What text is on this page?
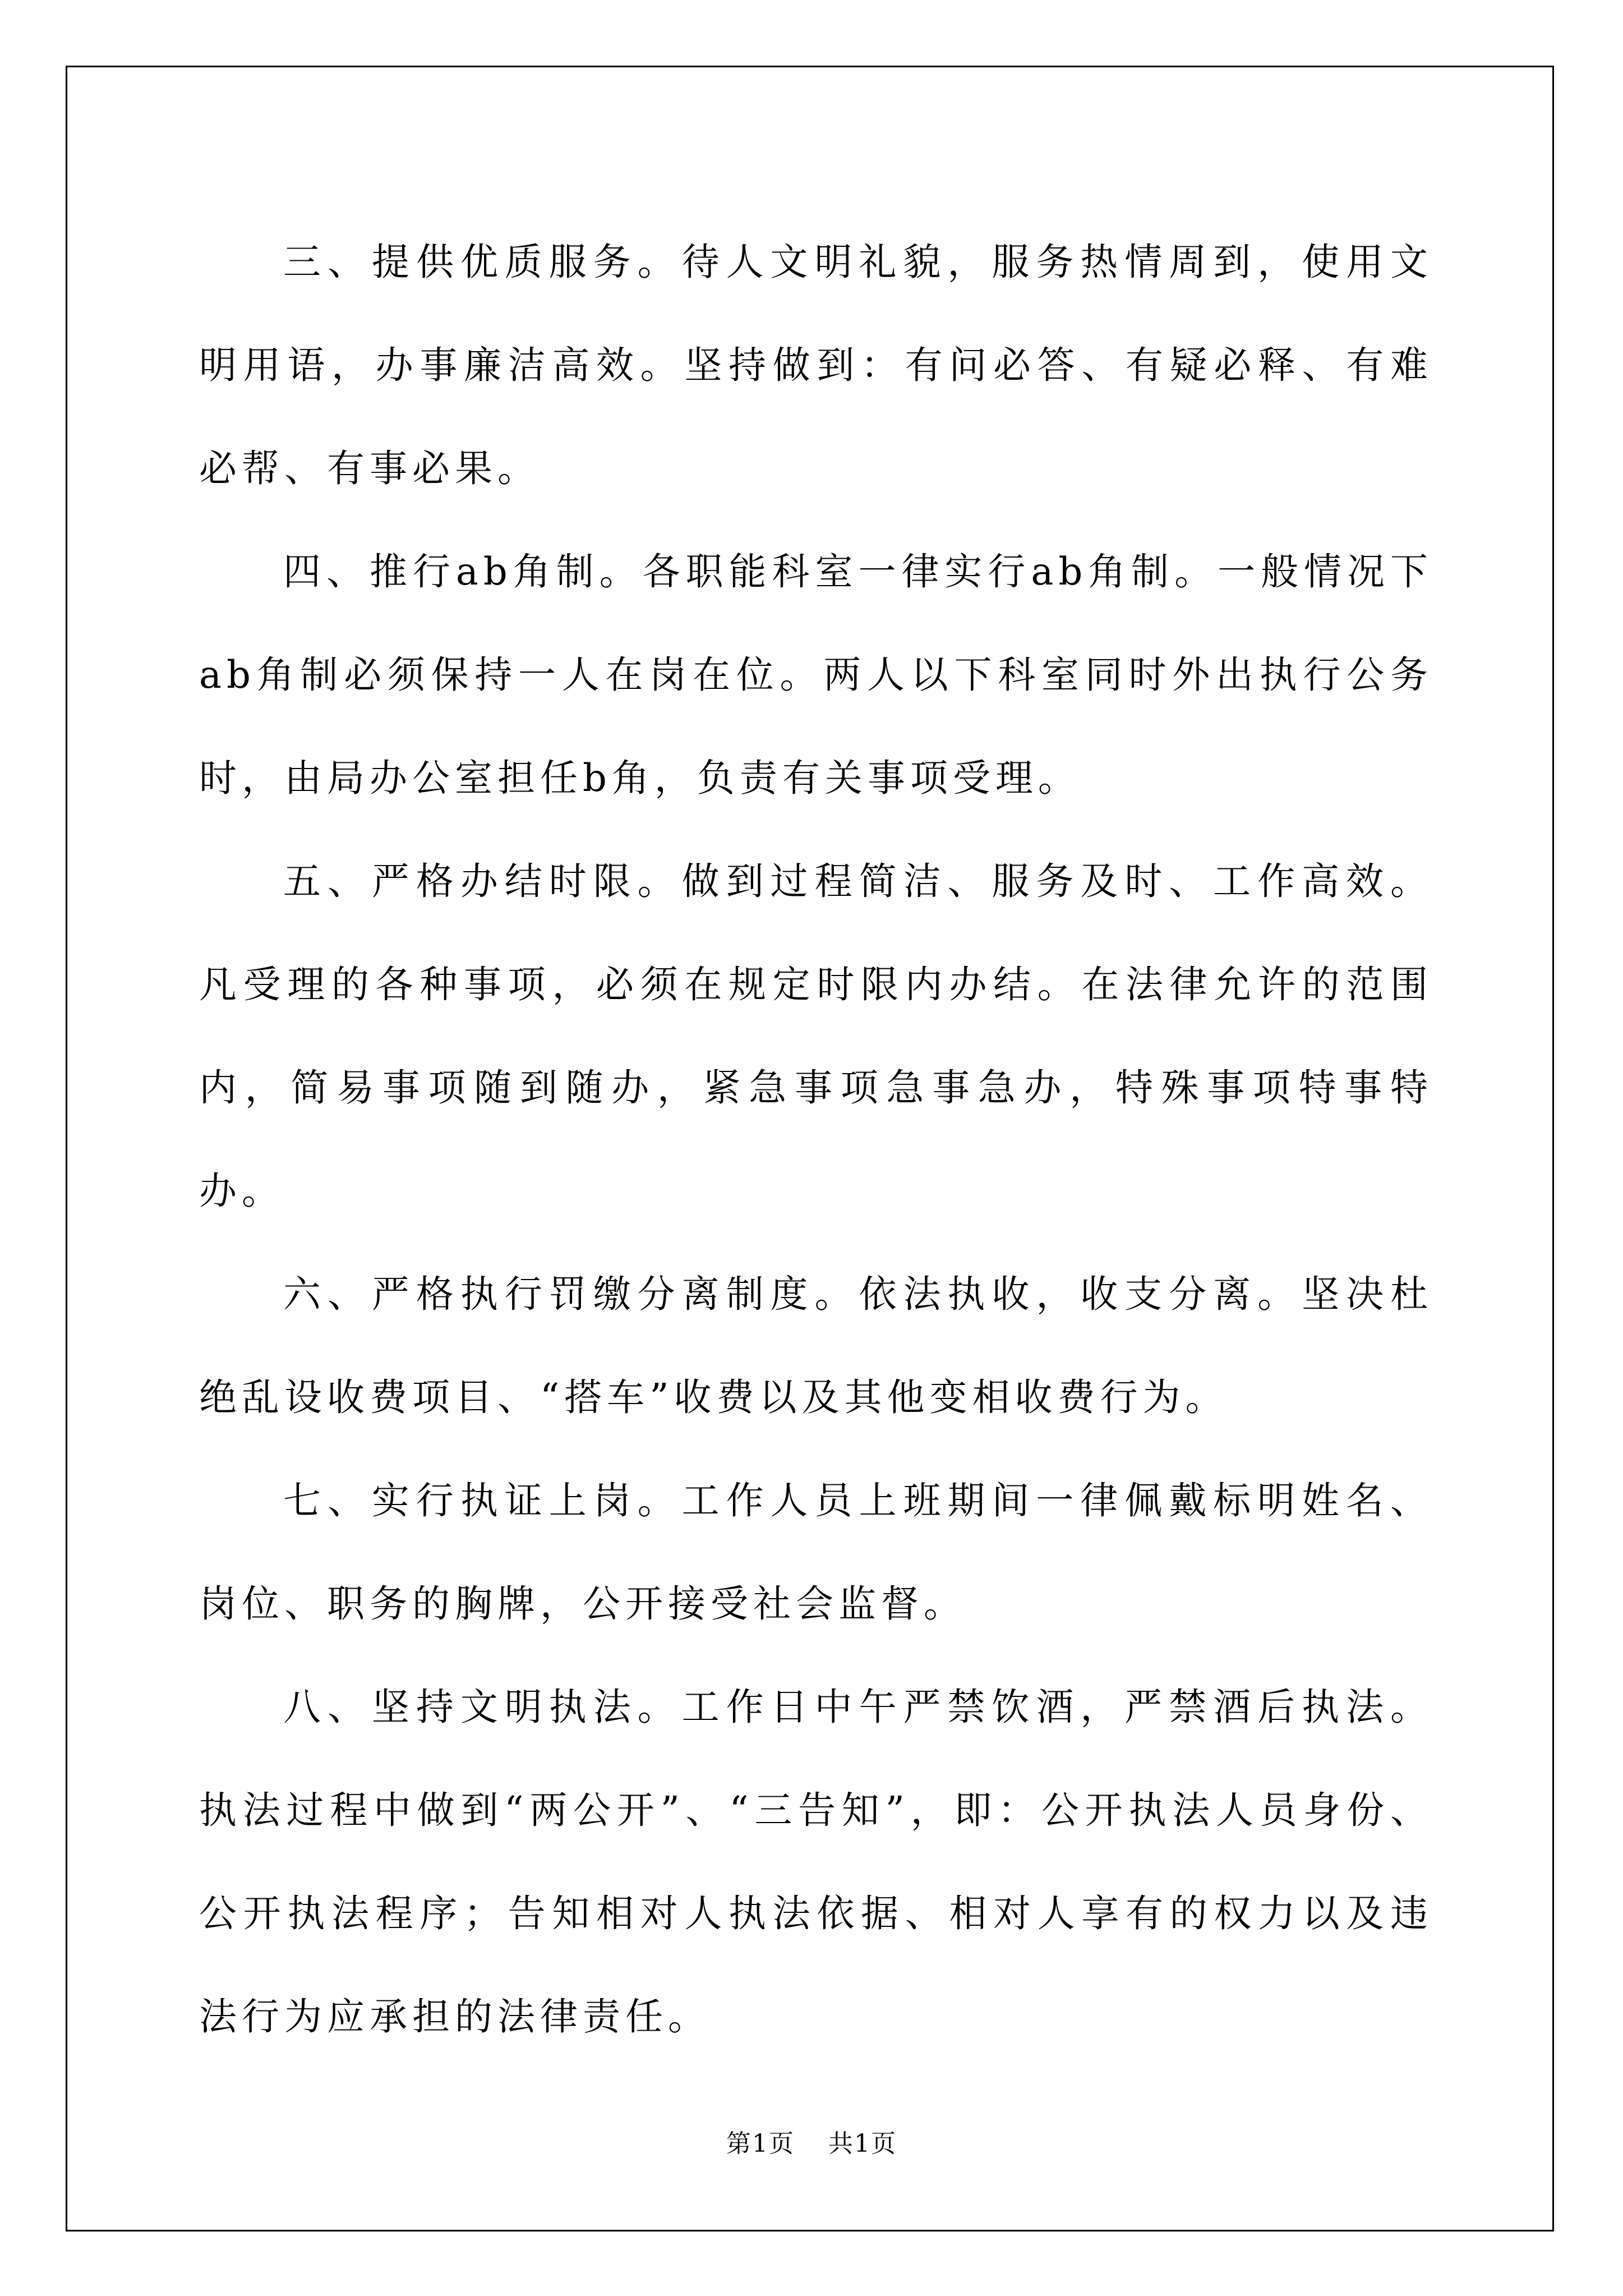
三、提供优质服务。待人文明礼貌，服务热情周到，使用文明用语，办事廉洁高效。坚持做到：有问必答、有疑必释、有难必帮、有事必果。

四、推行ab角制。各职能科室一律实行ab角制。一般情况下ab角制必须保持一人在岗在位。两人以下科室同时外出执行公务时，由局办公室担任b角，负责有关事项受理。

五、严格办结时限。做到过程简洁、服务及时、工作高效。凡受理的各种事项，必须在规定时限内办结。在法律允许的范围内，简易事项随到随办，紧急事项急事急办，特殊事项特事特办。

六、严格执行罚缴分离制度。依法执收，收支分离。坚决杜绝乱设收费项目、“搭车”收费以及其他变相收费行为。

七、实行执证上岗。工作人员上班期间一律佩戴标明姓名、岗位、职务的胸牌，公开接受社会监督。

八、坚持文明执法。工作日中午严禁饮酒，严禁酒后执法。执法过程中做到“两公开”、“三告知”，即：公开执法人员身份、公开执法程序；告知相对人执法依据、相对人享有的权力以及违法行为应承担的法律责任。

第1页 共1页
